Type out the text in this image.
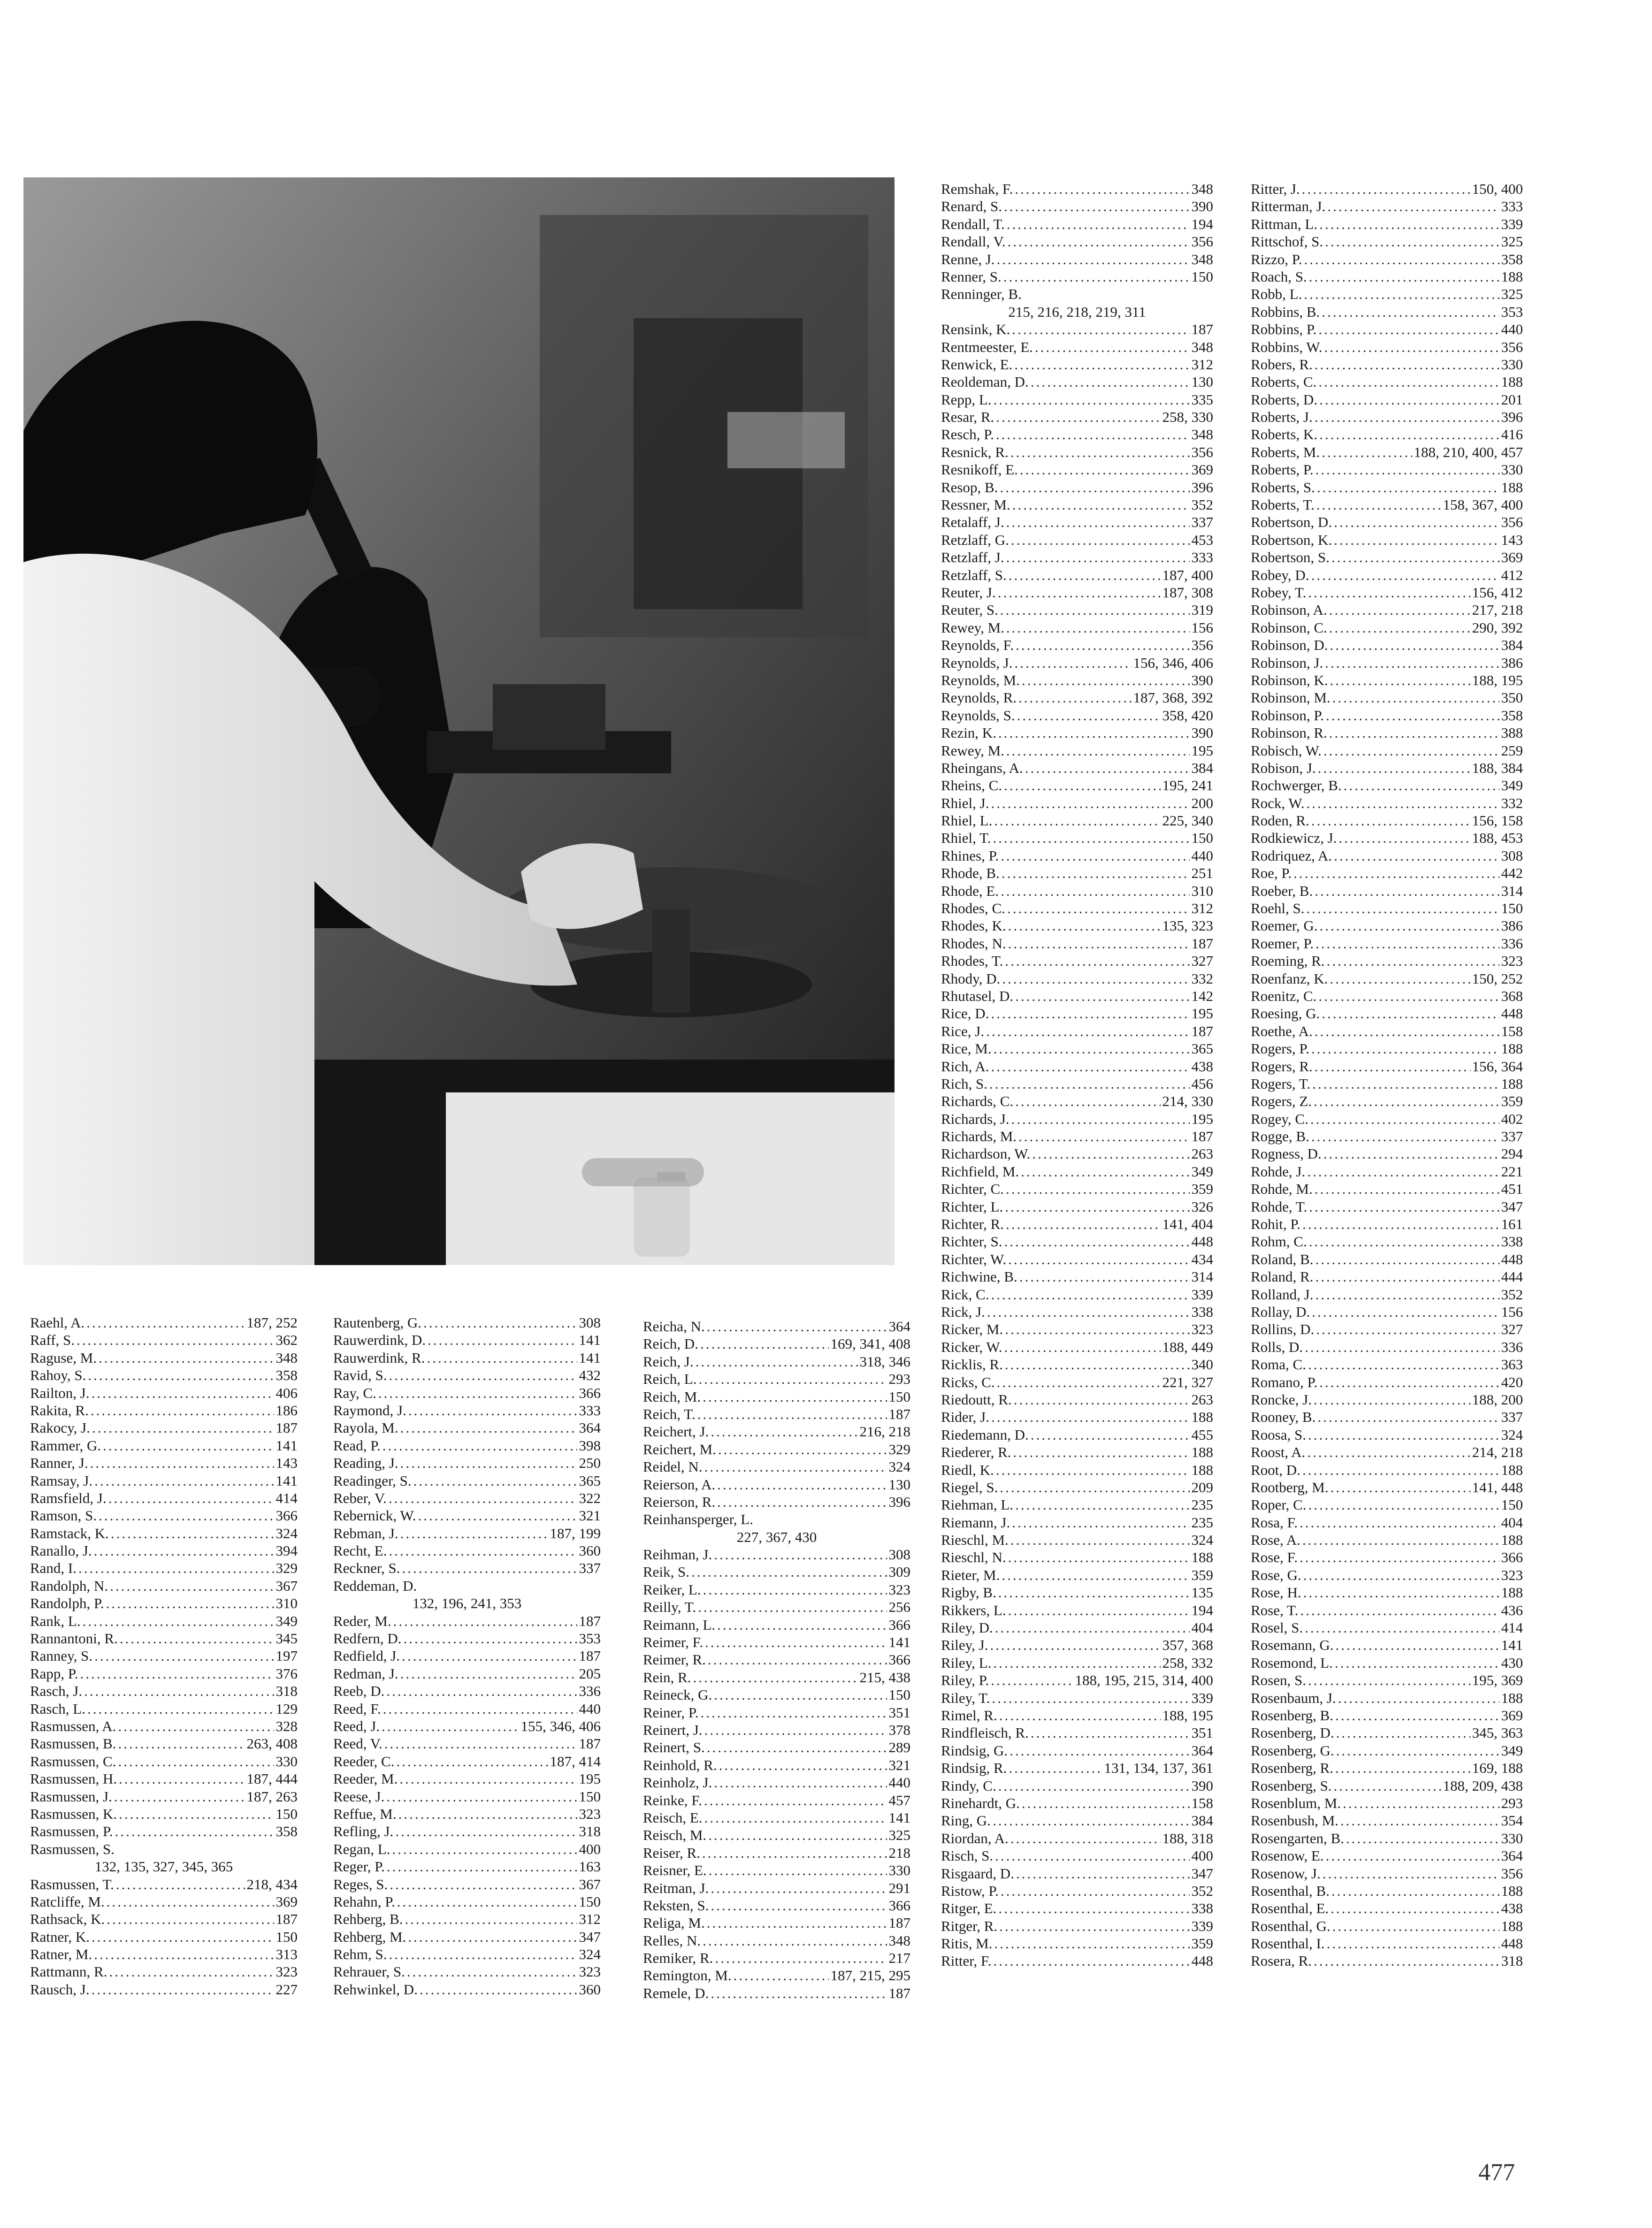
Raehl, A. .....	187, 252
Raff, S. .....	362
Raguse, M. .....	348
Rahoy, S. .....	358
Railton, J. .....	406
Rakita, R. .....	186
Rakocy, J. .....	187
Rammer, G. .....	141
Ranner, J. .....	143
Ramsay, J. .....	141
Ramsfield, J. .....	414
Ramson, S. .....	366
Ramstack, K. .....	324
Ranallo, J. .....	394
Rand, I. .....	329
Randolph, N. .....	367
Randolph, P. .....	310
Rank, L. .....	349
Rannantoni, R. .....	345
Ranney, S. .....	197
Rapp, P. .....	376
Rasch, J. .....	318
Rasch, L. .....	129
Rasmussen, A. .....	328
Rasmussen, B. .....	263, 408
Rasmussen, C. .....	330
Rasmussen, H. .....	187, 444
Rasmussen, J. .....	187, 263
Rasmussen, K. .....	150
Rasmussen, P. .....	358
Rasmussen, S.
132, 135, 327, 345, 365
Rasmussen, T. .....	218, 434
Ratcliffe, M. .....	369
Rathsack, K. .....	187
Ratner, K. .....	150
Ratner, M. .....	313
Rattmann, R. .....	323
Rausch, J. .....	227
Rautenberg, G. .....	308
Rauwerdink, D. .....	141
Rauwerdink, R. .....	141
Ravid, S. .....	432
Ray, C. .....	366
Raymond, J. .....	333
Rayola, M. .....	364
Read, P. .....	398
Reading, J. .....	250
Readinger, S. .....	365
Reber, V. .....	322
Rebernick, W. .....	321
Rebman, J. .....	187, 199
Recht, E. .....	360
Reckner, S. .....	337
Reddeman, D.
132, 196, 241, 353
Reder, M. .....	187
Redfern, D. .....	353
Redfield, J. .....	187
Redman, J. .....	205
Reeb, D. .....	336
Reed, F. .....	440
Reed, J. .....	155, 346, 406
Reed, V. .....	187
Reeder, C. .....	187, 414
Reeder, M. .....	195
Reese, J. .....	150
Reffue, M. .....	323
Refling, J. .....	318
Regan, L. .....	400
Reger, P. .....	163
Reges, S. .....	367
Rehahn, P. .....	150
Rehberg, B. .....	312
Rehberg, M. .....	347
Rehm, S. .....	324
Rehrauer, S. .....	323
Rehwinkel, D. .....	360
Reicha, N. .....	364
Reich, D. .....	169, 341, 408
Reich, J. .....	318, 346
Reich, L. .....	293
Reich, M. .....	150
Reich, T. .....	187
Reichert, J. .....	216, 218
Reichert, M. .....	329
Reidel, N. .....	324
Reierson, A. .....	130
Reierson, R. .....	396
Reinhansperger, L.
227, 367, 430
Reihman, J. .....	308
Reik, S. .....	309
Reiker, L. .....	323
Reilly, T. .....	256
Reimann, L. .....	366
Reimer, F. .....	141
Reimer, R. .....	366
Rein, R. .....	215, 438
Reineck, G. .....	150
Reiner, P. .....	351
Reinert, J. .....	378
Reinert, S. .....	289
Reinhold, R. .....	321
Reinholz, J. .....	440
Reinke, F. .....	457
Reisch, E. .....	141
Reisch, M. .....	325
Reiser, R. .....	218
Reisner, E. .....	330
Reitman, J. .....	291
Reksten, S. .....	366
Religa, M. .....	187
Relles, N. .....	348
Remiker, R. .....	217
Remington, M. .....	187, 215, 295
Remele, D. .....	187
Remshak, F. .....	348
Renard, S. .....	390
Rendall, T. .....	194
Rendall, V. .....	356
Renne, J. .....	348
Renner, S. .....	150
Renninger, B.
215, 216, 218, 219, 311
Rensink, K. .....	187
Rentmeester, E. .....	348
Renwick, E. .....	312
Reoldeman, D. .....	130
Repp, L. .....	335
Resar, R. .....	258, 330
Resch, P. .....	348
Resnick, R. .....	356
Resnikoff, E. .....	369
Resop, B. .....	396
Ressner, M. .....	352
Retalaff, J. .....	337
Retzlaff, G. .....	453
Retzlaff, J. .....	333
Retzlaff, S. .....	187, 400
Reuter, J. .....	187, 308
Reuter, S. .....	319
Rewey, M. .....	156
Reynolds, F. .....	356
Reynolds, J. .....	156, 346, 406
Reynolds, M. .....	390
Reynolds, R. .....	187, 368, 392
Reynolds, S. .....	358, 420
Rezin, K. .....	390
Rewey, M. .....	195
Rheingans, A. .....	384
Rheins, C. .....	195, 241
Rhiel, J. .....	200
Rhiel, L. .....	225, 340
Rhiel, T. .....	150
Rhines, P. .....	440
Rhode, B. .....	251
Rhode, E. .....	310
Rhodes, C. .....	312
Rhodes, K. .....	135, 323
Rhodes, N. .....	187
Rhodes, T. .....	327
Rhody, D. .....	332
Rhutasel, D. .....	142
Rice, D. .....	195
Rice, J. .....	187
Rice, M. .....	365
Rich, A. .....	438
Rich, S. .....	456
Richards, C. .....	214, 330
Richards, J. .....	195
Richards, M. .....	187
Richardson, W. .....	263
Richfield, M. .....	349
Richter, C. .....	359
Richter, L. .....	326
Richter, R. .....	141, 404
Richter, S. .....	448
Richter, W. .....	434
Richwine, B. .....	314
Rick, C. .....	339
Rick, J. .....	338
Ricker, M. .....	323
Ricker, W. .....	188, 449
Ricklis, R. .....	340
Ricks, C. .....	221, 327
Riedoutt, R. .....	263
Rider, J. .....	188
Riedemann, D. .....	455
Riederer, R. .....	188
Riedl, K. .....	188
Riegel, S. .....	209
Riehman, L. .....	235
Riemann, J. .....	235
Rieschl, M. .....	324
Rieschl, N. .....	188
Rieter, M. .....	359
Rigby, B. .....	135
Rikkers, L. .....	194
Riley, D. .....	404
Riley, J. .....	357, 368
Riley, L. .....	258, 332
Riley, P. .....	188, 195, 215, 314, 400
Riley, T. .....	339
Rimel, R. .....	188, 195
Rindfleisch, R. .....	351
Rindsig, G. .....	364
Rindsig, R. .....	131, 134, 137, 361
Rindy, C. .....	390
Rinehardt, G. .....	158
Ring, G. .....	384
Riordan, A. .....	188, 318
Risch, S. .....	400
Risgaard, D. .....	347
Ristow, P. .....	352
Ritger, E. .....	338
Ritger, R. .....	339
Ritis, M. .....	359
Ritter, F. .....	448
Ritter, J. .....	150, 400
Ritterman, J. .....	333
Rittman, L. .....	339
Rittschof, S. .....	325
Rizzo, P. .....	358
Roach, S. .....	188
Robb, L. .....	325
Robbins, B. .....	353
Robbins, P. .....	440
Robbins, W. .....	356
Robers, R. .....	330
Roberts, C. .....	188
Roberts, D. .....	201
Roberts, J. .....	396
Roberts, K. .....	416
Roberts, M. .....	188, 210, 400, 457
Roberts, P. .....	330
Roberts, S. .....	188
Roberts, T. .....	158, 367, 400
Robertson, D. .....	356
Robertson, K. .....	143
Robertson, S. .....	369
Robey, D. .....	412
Robey, T. .....	156, 412
Robinson, A. .....	217, 218
Robinson, C. .....	290, 392
Robinson, D. .....	384
Robinson, J. .....	386
Robinson, K. .....	188, 195
Robinson, M. .....	350
Robinson, P. .....	358
Robinson, R. .....	388
Robisch, W. .....	259
Robison, J. .....	188, 384
Rochwerger, B. .....	349
Rock, W. .....	332
Roden, R. .....	156, 158
Rodkiewicz, J. .....	188, 453
Rodriquez, A. .....	308
Roe, P. .....	442
Roeber, B. .....	314
Roehl, S. .....	150
Roemer, G. .....	386
Roemer, P. .....	336
Roeming, R. .....	323
Roenfanz, K. .....	150, 252
Roenitz, C. .....	368
Roesing, G. .....	448
Roethe, A. .....	158
Rogers, P. .....	188
Rogers, R. .....	156, 364
Rogers, T. .....	188
Rogers, Z. .....	359
Rogey, C. .....	402
Rogge, B. .....	337
Rogness, D. .....	294
Rohde, J. .....	221
Rohde, M. .....	451
Rohde, T. .....	347
Rohit, P. .....	161
Rohm, C. .....	338
Roland, B. .....	448
Roland, R. .....	444
Rolland, J. .....	352
Rollay, D. .....	156
Rollins, D. .....	327
Rolls, D. .....	336
Roma, C. .....	363
Romano, P. .....	420
Roncke, J. .....	188, 200
Rooney, B. .....	337
Roosa, S. .....	324
Roost, A. .....	214, 218
Root, D. .....	188
Rootberg, M. .....	141, 448
Roper, C. .....	150
Rosa, F. .....	404
Rose, A. .....	188
Rose, F. .....	366
Rose, G. .....	323
Rose, H. .....	188
Rose, T. .....	436
Rosel, S. .....	414
Rosemann, G. .....	141
Rosemond, L. .....	430
Rosen, S. .....	195, 369
Rosenbaum, J. .....	188
Rosenberg, B. .....	369
Rosenberg, D. .....	345, 363
Rosenberg, G. .....	349
Rosenberg, R. .....	169, 188
Rosenberg, S. .....	188, 209, 438
Rosenblum, M. .....	293
Rosenbush, M. .....	354
Rosengarten, B. .....	330
Rosenow, E. .....	364
Rosenow, J. .....	356
Rosenthal, B. .....	188
Rosenthal, E. .....	438
Rosenthal, G. .....	188
Rosenthal, I. .....	448
Rosera, R. .....	318
477
